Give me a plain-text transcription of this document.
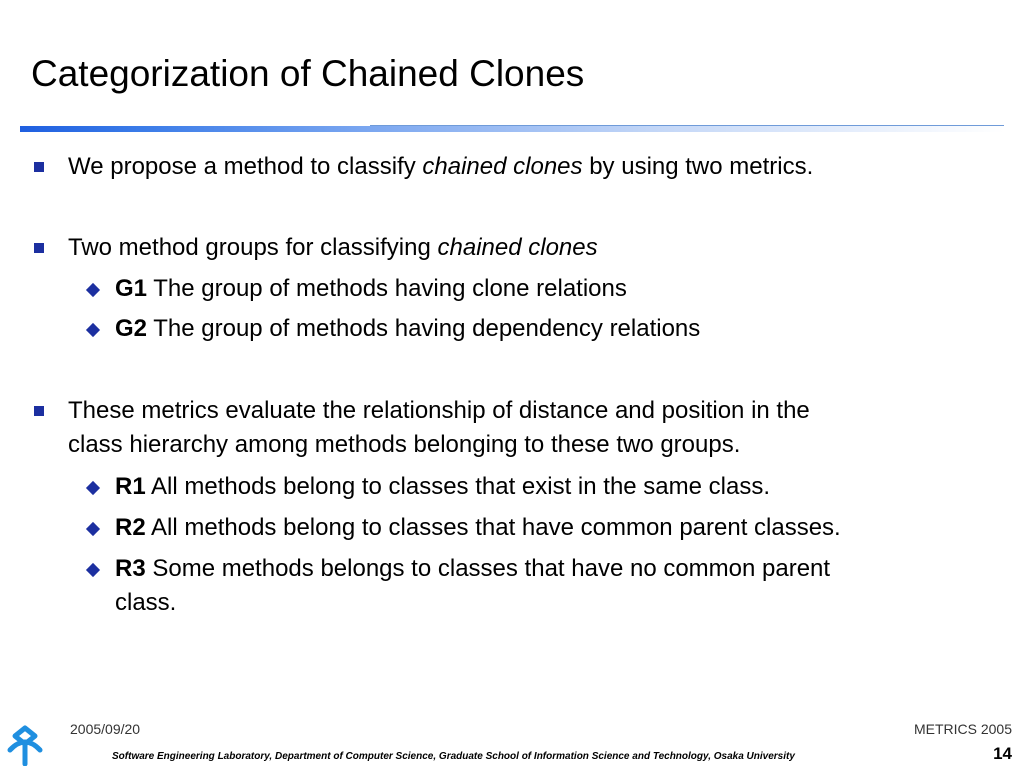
Categorization of Chained Clones
We propose a method to classify chained clones by using two metrics.
Two method groups for classifying chained clones
G1 The group of methods having clone relations
G2 The group of methods having dependency relations
These metrics evaluate the relationship of distance and position in the
class hierarchy among methods belonging to these two groups.
R1 All methods belong to classes that exist in the same class.
R2 All methods belong to classes that have common parent classes.
R3 Some methods belongs to classes that have no common parent
class.
2005/09/20	METRICS 2005
Software Engineering Laboratory, Department of Computer Science, Graduate School of Information Science and Technology, Osaka University	14
